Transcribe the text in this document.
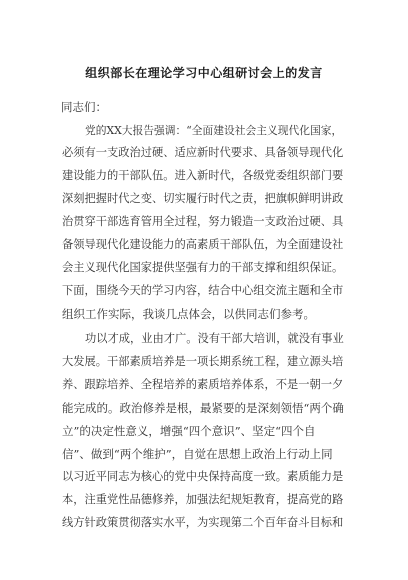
组织部长在理论学习中心组研讨会上的发言
同志们：
党的XX大报告强调：“全面建设社会主义现代化国家，
必须有一支政治过硬、适应新时代要求、具备领导现代化
建设能力的干部队伍。进入新时代，各级党委组织部门要
深刻把握时代之变、切实履行时代之责，把旗帜鲜明讲政
治贯穿干部选育管用全过程，努力锻造一支政治过硬、具
备领导现代化建设能力的高素质干部队伍，为全面建设社
会主义现代化国家提供坚强有力的干部支撑和组织保证。
下面，围绕今天的学习内容，结合中心组交流主题和全市
组织工作实际，我谈几点体会，以供同志们参考。
功以才成，业由才广。没有干部大培训，就没有事业
大发展。干部素质培养是一项长期系统工程，建立源头培
养、跟踪培养、全程培养的素质培养体系，不是一朝一夕
能完成的。政治修养是根，最紧要的是深刻领悟“两个确
立”的决定性意义，增强“四个意识”、坚定“四个自
信”、做到“两个维护”，自觉在思想上政治上行动上同
以习近平同志为核心的党中央保持高度一致。素质能力是
本，注重党性品德修养，加强法纪规矩教育，提高党的路
线方针政策贯彻落实水平，为实现第二个百年奋斗目标和
